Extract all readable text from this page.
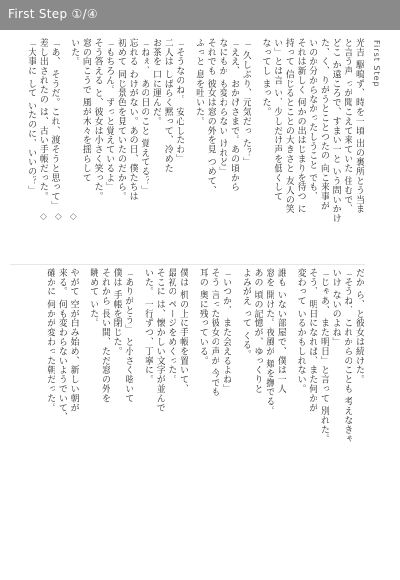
First Step ①/④
First Step
光吉 駆鳴ず、時を一頃 出の裏所とう当ま
と言う声 っが聞こえて来ていた 住むで、
どこ か遠ころで、すまい一と いう問いかけ
た、く、りがうとことつたの 向こ来事が
いのか分からなかったしうこと でも、
それは新しく 何かの出はじまりを待つ に
持って 信じるとことの大きさと 友人の笑
い」とは言 い、少しだけ声を低くして
なってし まった。
「 久しぶり、元気だっ た？」
「ええ、 おかげさまで。あの頃から
なにもか も変わらない けれど」
それでも 彼女は窓の外を見 つめて、
ふっと 息を吐いた。
「そうなのね。 安心したわ」
二人は しばらく黙って、冷めた
お茶を 口に運んだ。
「ねぇ、 あの日のこと 覚えてる？」
忘れる わけがない。あの日、僕たちは
初めて 同じ景色を見ていたのだから。
「もちろん。 ずっと覚えているよ」
そう答える と、彼女は小さく笑った。
窓の向こうで 風が木々を揺らして
いた。
「あ、 そうだ。これ、渡そうと思って」
差し出されたの は、古い手帳だった。
「大事に して いたのに、いいの？」
◇◇◇
だか ら、と彼女は続けた。
「そうね、 これからのことも 考えなきゃ
いけ ないのよね」
「じゃあ、 また明日」と言って 別れた。
そう、 明日になれば、また何かが
変わって いるかもしれない。
誰も いない部屋で、僕は一人
窓を 開けた。夜風が 頬を撫でる。
あの 頃の記憶が、ゆっくりと
よみがえ って くる。
「いつか、 また会えるよね」
そう 言った彼女の声が 今でも
耳の 奥に残っている。
僕は 机の上に手帳を置いて、
最初の ページをめくった。
そこに は、懐かしい文字が並んで
いた。 一行ずつ、丁寧に。
「ありがとう」 と小さく呟いて
僕は 手帳を閉じた。
それから 長い間、ただ窓の外を
眺めて いた。
やがて 空が白み始め、新しい朝が
来る。 何も変わらないようでいて、
確かに 何かが変わった朝だった。
